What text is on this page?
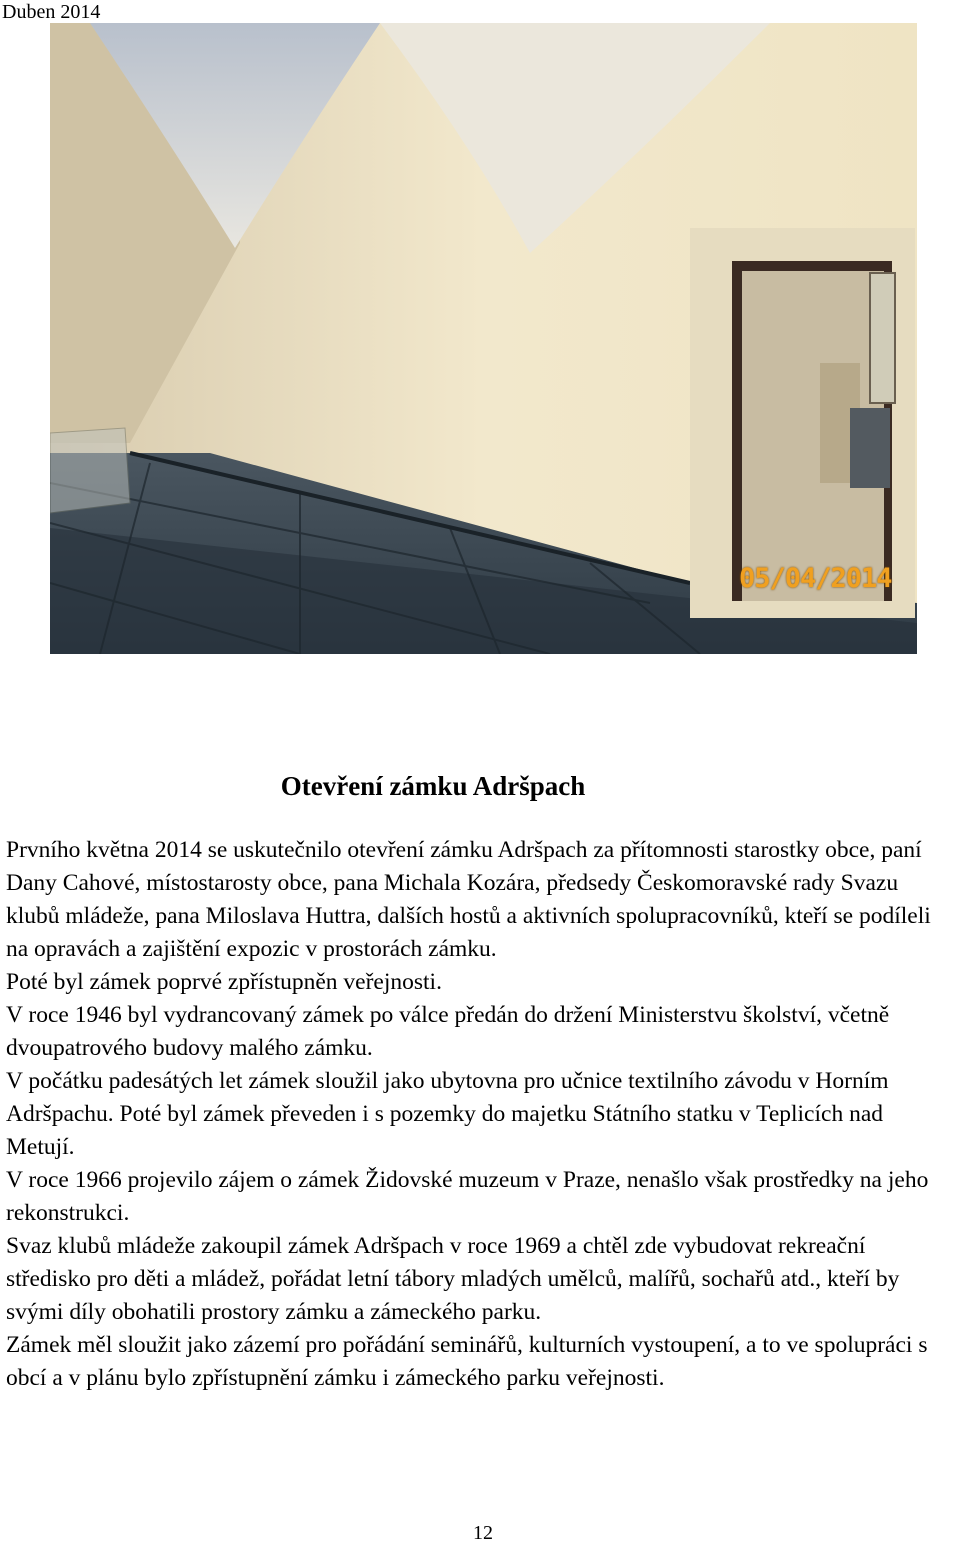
Duben 2014
05/04/2014
Otevření zámku Adršpach

Prvního května 2014 se uskutečnilo otevření zámku Adršpach za přítomnosti starostky obce, paní Dany Cahové, místostarosty obce, pana Michala Kozára, předsedy Českomoravské rady Svazu klubů mládeže, pana Miloslava Huttra, dalších hostů a aktivních spolupracovníků, kteří se podíleli na opravách a zajištění expozic v prostorách zámku.

Poté byl zámek poprvé zpřístupněn veřejnosti.

V roce 1946 byl vydrancovaný zámek po válce předán do držení Ministerstvu školství, včetně dvoupatrového budovy malého zámku.

V počátku padesátých let zámek sloužil jako ubytovna pro učnice textilního závodu v Horním Adršpachu. Poté byl zámek převeden i s pozemky do majetku Státního statku v Teplicích nad Metují.

V roce 1966 projevilo zájem o zámek Židovské muzeum v Praze, nenašlo však prostředky na jeho rekonstrukci.

Svaz klubů mládeže zakoupil zámek Adršpach v roce 1969 a chtěl zde vybudovat rekreační středisko pro děti a mládež, pořádat letní tábory mladých umělců, malířů, sochařů atd., kteří by svými díly obohatili prostory zámku a zámeckého parku.

Zámek měl sloužit jako zázemí pro pořádání seminářů, kulturních vystoupení, a to ve spolupráci s obcí a v plánu bylo zpřístupnění zámku i zámeckého parku veřejnosti.

12
